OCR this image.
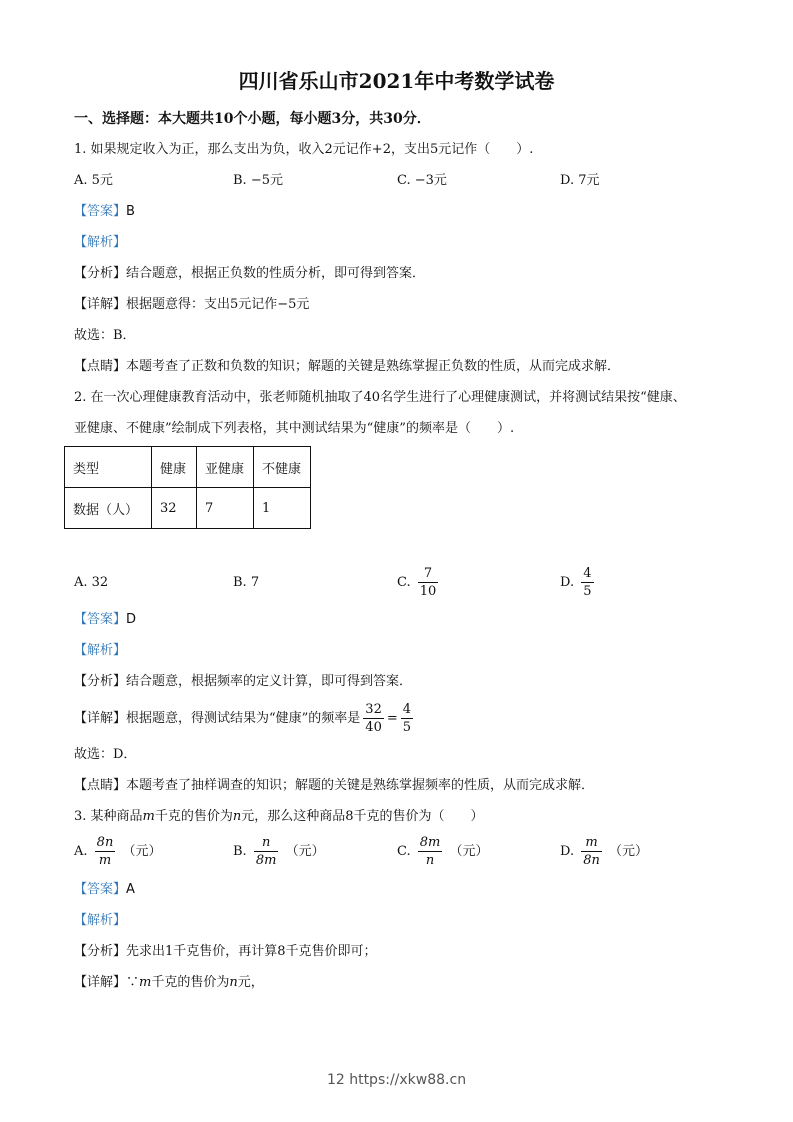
四川省乐山市2021年中考数学试卷
一、选择题：本大题共10个小题，每小题3分，共30分．
1. 如果规定收入为正，那么支出为负，收入2元记作+2，支出5元记作（　　）.
A. 5元	B. −5元	C. −3元	D. 7元
【答案】B
【解析】
【分析】结合题意，根据正负数的性质分析，即可得到答案．
【详解】根据题意得：支出5元记作−5元
故选：B．
【点睛】本题考查了正数和负数的知识；解题的关键是熟练掌握正负数的性质，从而完成求解．
2. 在一次心理健康教育活动中，张老师随机抽取了40名学生进行了心理健康测试，并将测试结果按“健康、
亚健康、不健康”绘制成下列表格，其中测试结果为“健康”的频率是（　　）.
类型	健康	亚健康	不健康
数据（人）	32	7	1
A. 32	B. 7	C. $\frac{7}{10}$	D. $\frac{4}{5}$
【答案】D
【解析】
【分析】结合题意，根据频率的定义计算，即可得到答案．
【详解】根据题意，得测试结果为“健康”的频率是 $\frac{32}{40} = \frac{4}{5}$
故选：D．
【点睛】本题考查了抽样调查的知识；解题的关键是熟练掌握频率的性质，从而完成求解．
3. 某种商品m千克的售价为n元，那么这种商品8千克的售价为（　　）
A. $\frac{8n}{m}$ （元）	B. $\frac{n}{8m}$ （元）	C. $\frac{8m}{n}$ （元）	D. $\frac{m}{8n}$ （元）
【答案】A
【解析】
【分析】先求出1千克售价，再计算8千克售价即可；
【详解】∵m千克的售价为n元，
12 https://xkw88.cn
